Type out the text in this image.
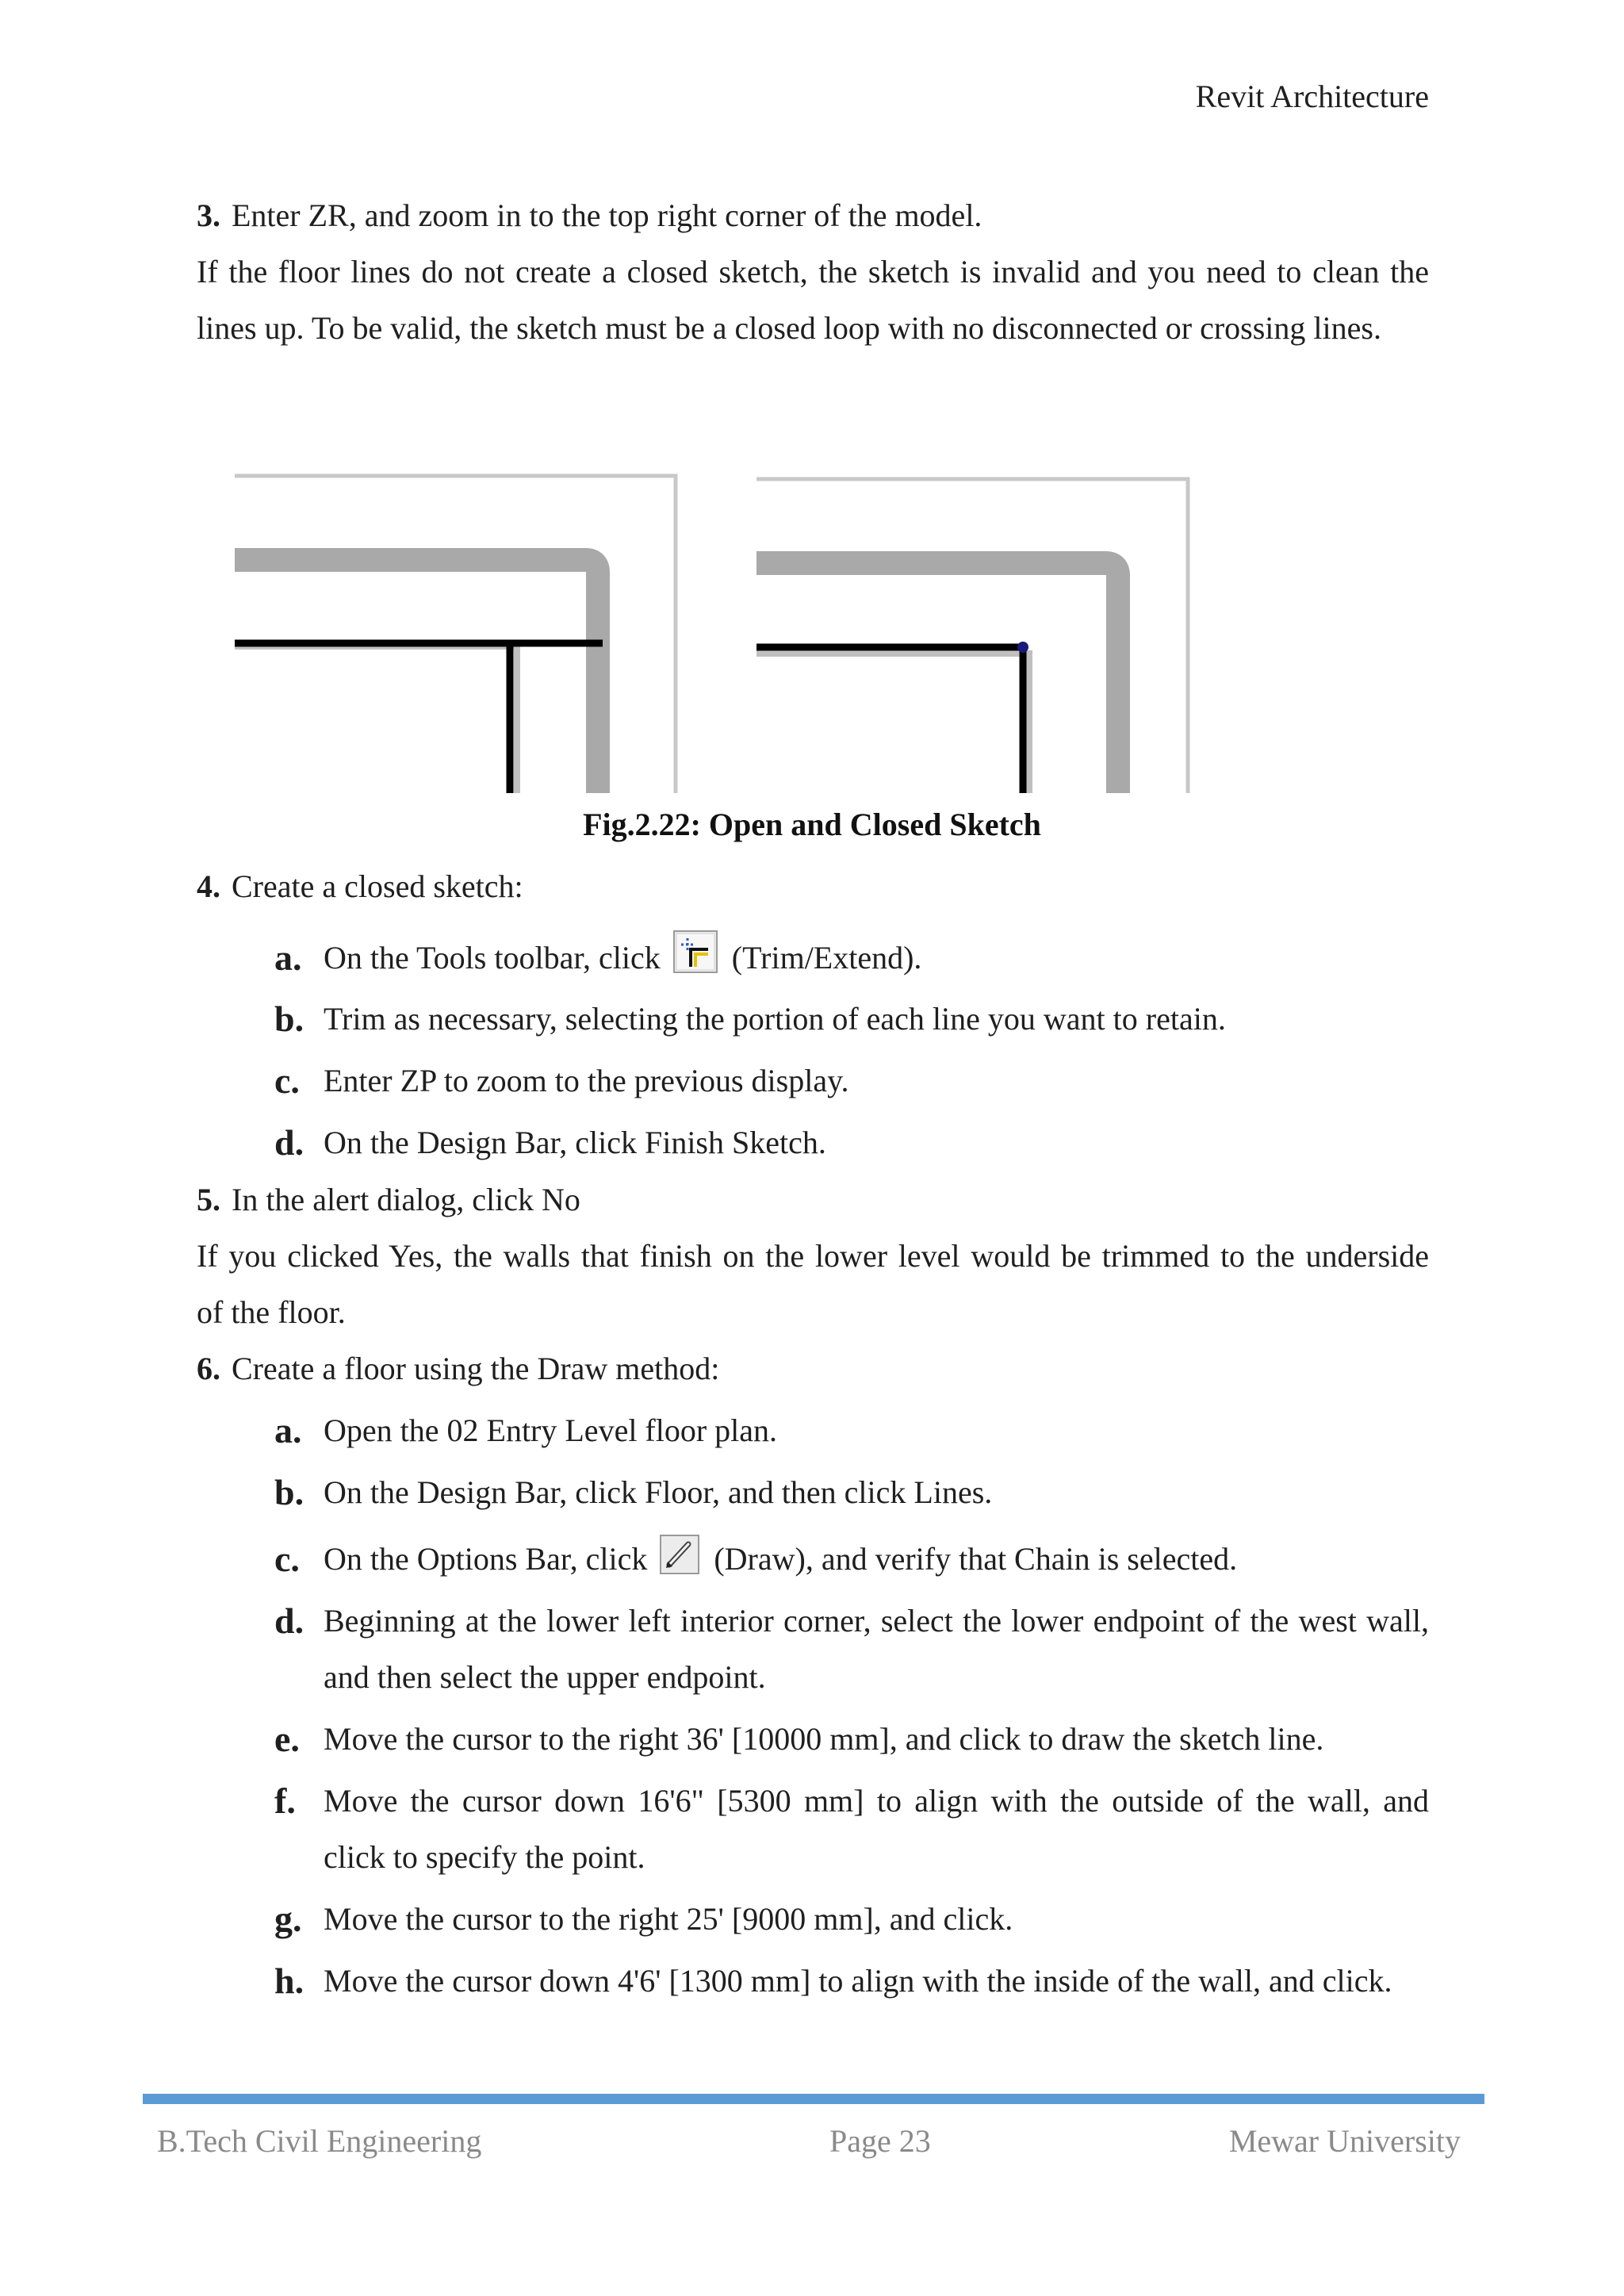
Revit Architecture

3. Enter ZR, and zoom in to the top right corner of the model.

If the floor lines do not create a closed sketch, the sketch is invalid and you need to clean the

lines up. To be valid, the sketch must be a closed loop with no disconnected or crossing lines.

Fig.2.22: Open and Closed Sketch

4. Create a closed sketch:

a. On the Tools toolbar, click (Trim/Extend).
b. Trim as necessary, selecting the portion of each line you want to retain.
c. Enter ZP to zoom to the previous display.
d. On the Design Bar, click Finish Sketch.

5. In the alert dialog, click No

If you clicked Yes, the walls that finish on the lower level would be trimmed to the underside

of the floor.

6. Create a floor using the Draw method:

a. Open the 02 Entry Level floor plan.
b. On the Design Bar, click Floor, and then click Lines.
c. On the Options Bar, click (Draw), and verify that Chain is selected.
d. Beginning at the lower left interior corner, select the lower endpoint of the west wall,
and then select the upper endpoint.
e. Move the cursor to the right 36' [10000 mm], and click to draw the sketch line.
f. Move the cursor down 16'6" [5300 mm] to align with the outside of the wall, and
click to specify the point.
g. Move the cursor to the right 25' [9000 mm], and click.
h. Move the cursor down 4'6' [1300 mm] to align with the inside of the wall, and click.
B.Tech Civil Engineering	Page 23	Mewar University
